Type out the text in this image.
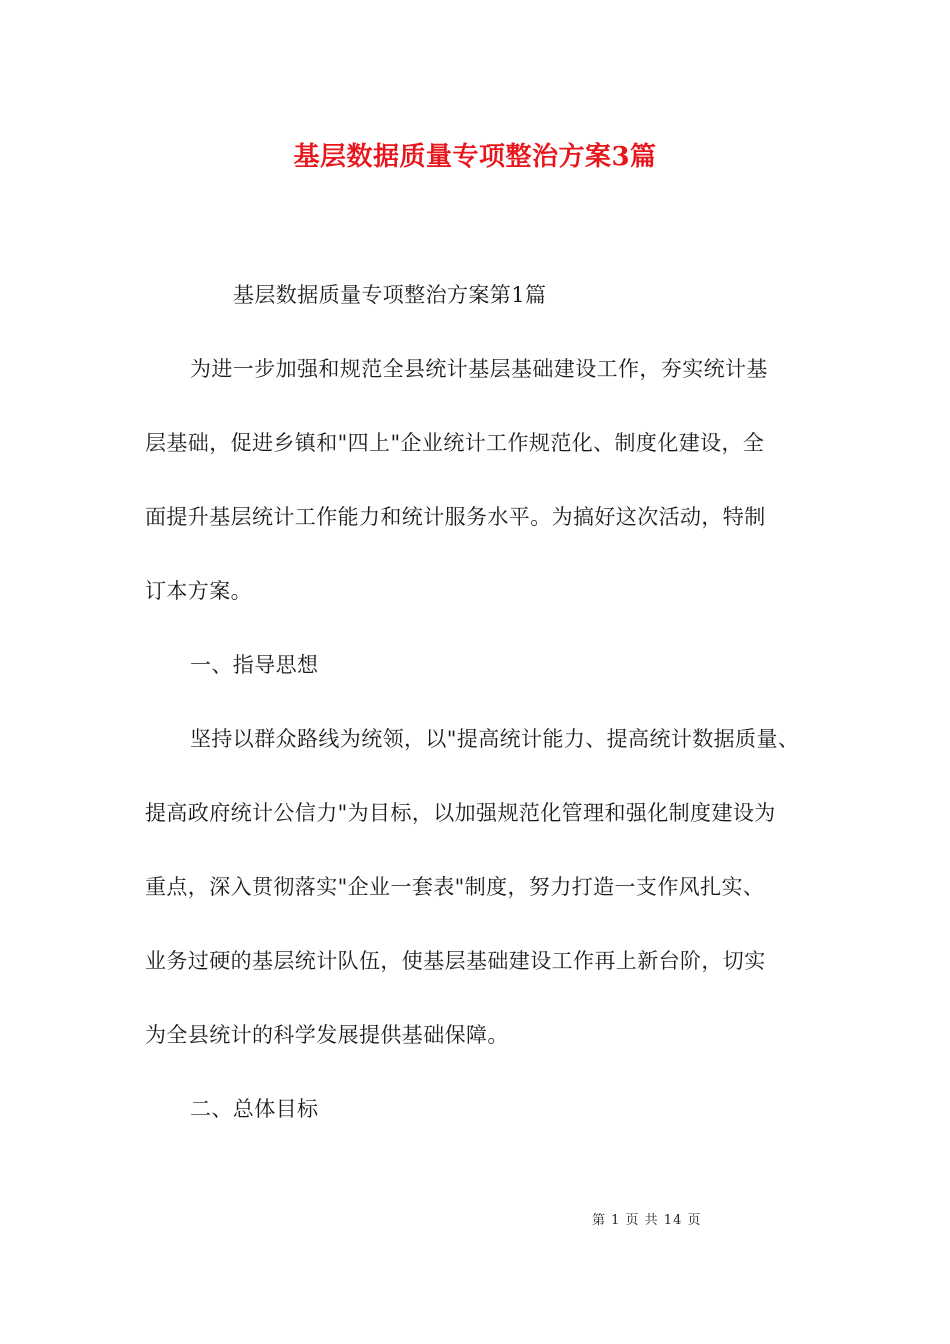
基层数据质量专项整治方案3篇
基层数据质量专项整治方案第1篇
为进一步加强和规范全县统计基层基础建设工作，夯实统计基
层基础，促进乡镇和"四上"企业统计工作规范化、制度化建设，全
面提升基层统计工作能力和统计服务水平。为搞好这次活动，特制
订本方案。
一、指导思想
坚持以群众路线为统领，以"提高统计能力、提高统计数据质量、
提高政府统计公信力"为目标，以加强规范化管理和强化制度建设为
重点，深入贯彻落实"企业一套表"制度，努力打造一支作风扎实、
业务过硬的基层统计队伍，使基层基础建设工作再上新台阶，切实
为全县统计的科学发展提供基础保障。
二、总体目标
第 1 页 共 14 页
